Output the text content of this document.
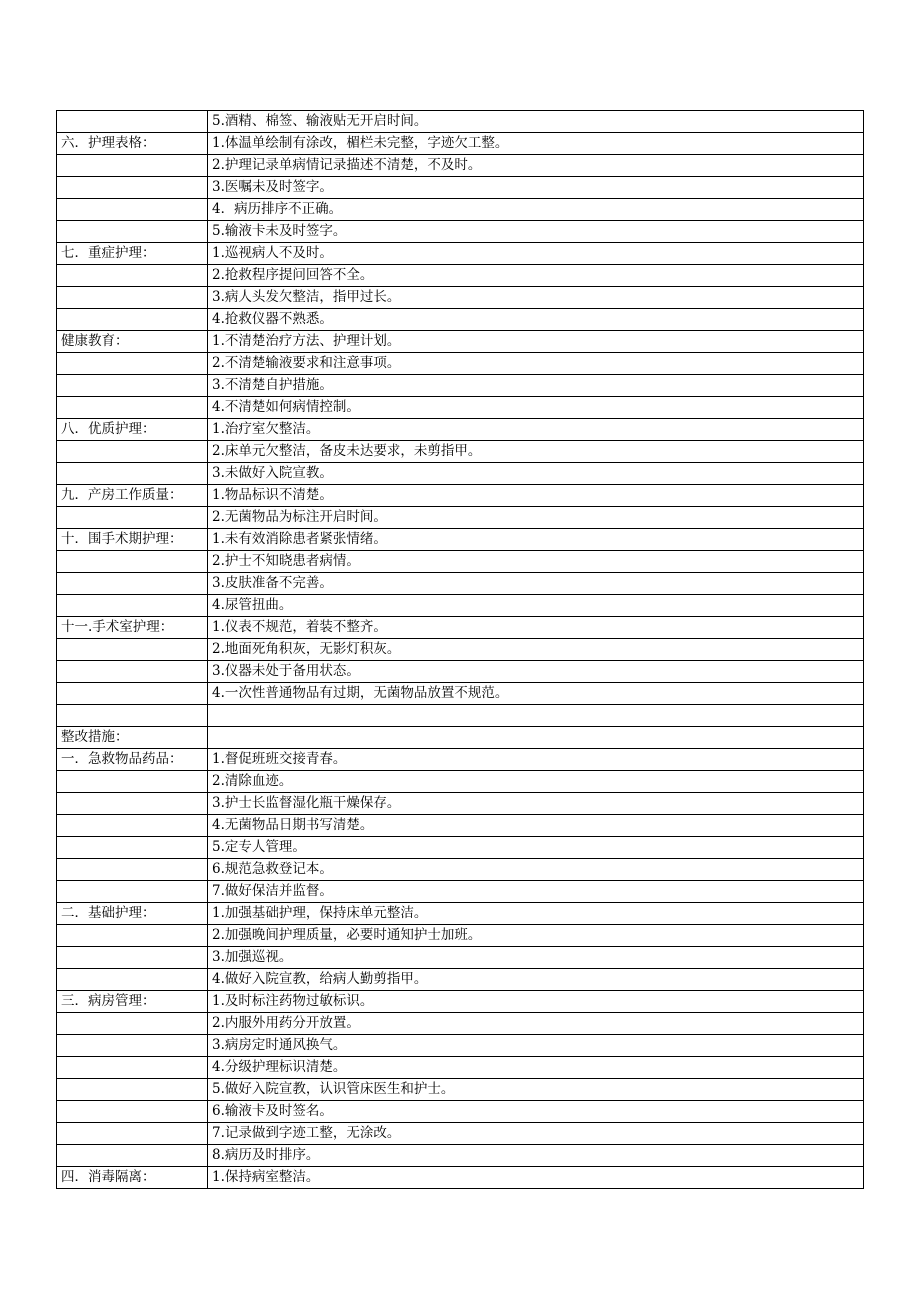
	5.酒精、棉签、输液贴无开启时间。
六．护理表格：	1.体温单绘制有涂改，楣栏未完整，字迹欠工整。
	2.护理记录单病情记录描述不清楚，不及时。
	3.医嘱未及时签字。
	4．病历排序不正确。
	5.输液卡未及时签字。
七．重症护理：	1.巡视病人不及时。
	2.抢救程序提问回答不全。
	3.病人头发欠整洁，指甲过长。
	4.抢救仪器不熟悉。
健康教育：	1.不清楚治疗方法、护理计划。
	2.不清楚输液要求和注意事项。
	3.不清楚自护措施。
	4.不清楚如何病情控制。
八．优质护理：	1.治疗室欠整洁。
	2.床单元欠整洁，备皮未达要求，未剪指甲。
	3.未做好入院宣教。
九．产房工作质量：	1.物品标识不清楚。
	2.无菌物品为标注开启时间。
十．围手术期护理：	1.未有效消除患者紧张情绪。
	2.护士不知晓患者病情。
	3.皮肤准备不完善。
	4.尿管扭曲。
十一.手术室护理：	1.仪表不规范，着装不整齐。
	2.地面死角积灰，无影灯积灰。
	3.仪器未处于备用状态。
	4.一次性普通物品有过期，无菌物品放置不规范。

整改措施：	
一．急救物品药品：	1.督促班班交接青春。
	2.清除血迹。
	3.护士长监督湿化瓶干燥保存。
	4.无菌物品日期书写清楚。
	5.定专人管理。
	6.规范急救登记本。
	7.做好保洁并监督。
二．基础护理：	1.加强基础护理，保持床单元整洁。
	2.加强晚间护理质量，必要时通知护士加班。
	3.加强巡视。
	4.做好入院宣教，给病人勤剪指甲。
三．病房管理：	1.及时标注药物过敏标识。
	2.内服外用药分开放置。
	3.病房定时通风换气。
	4.分级护理标识清楚。
	5.做好入院宣教，认识管床医生和护士。
	6.输液卡及时签名。
	7.记录做到字迹工整，无涂改。
	8.病历及时排序。
四．消毒隔离：	1.保持病室整洁。
